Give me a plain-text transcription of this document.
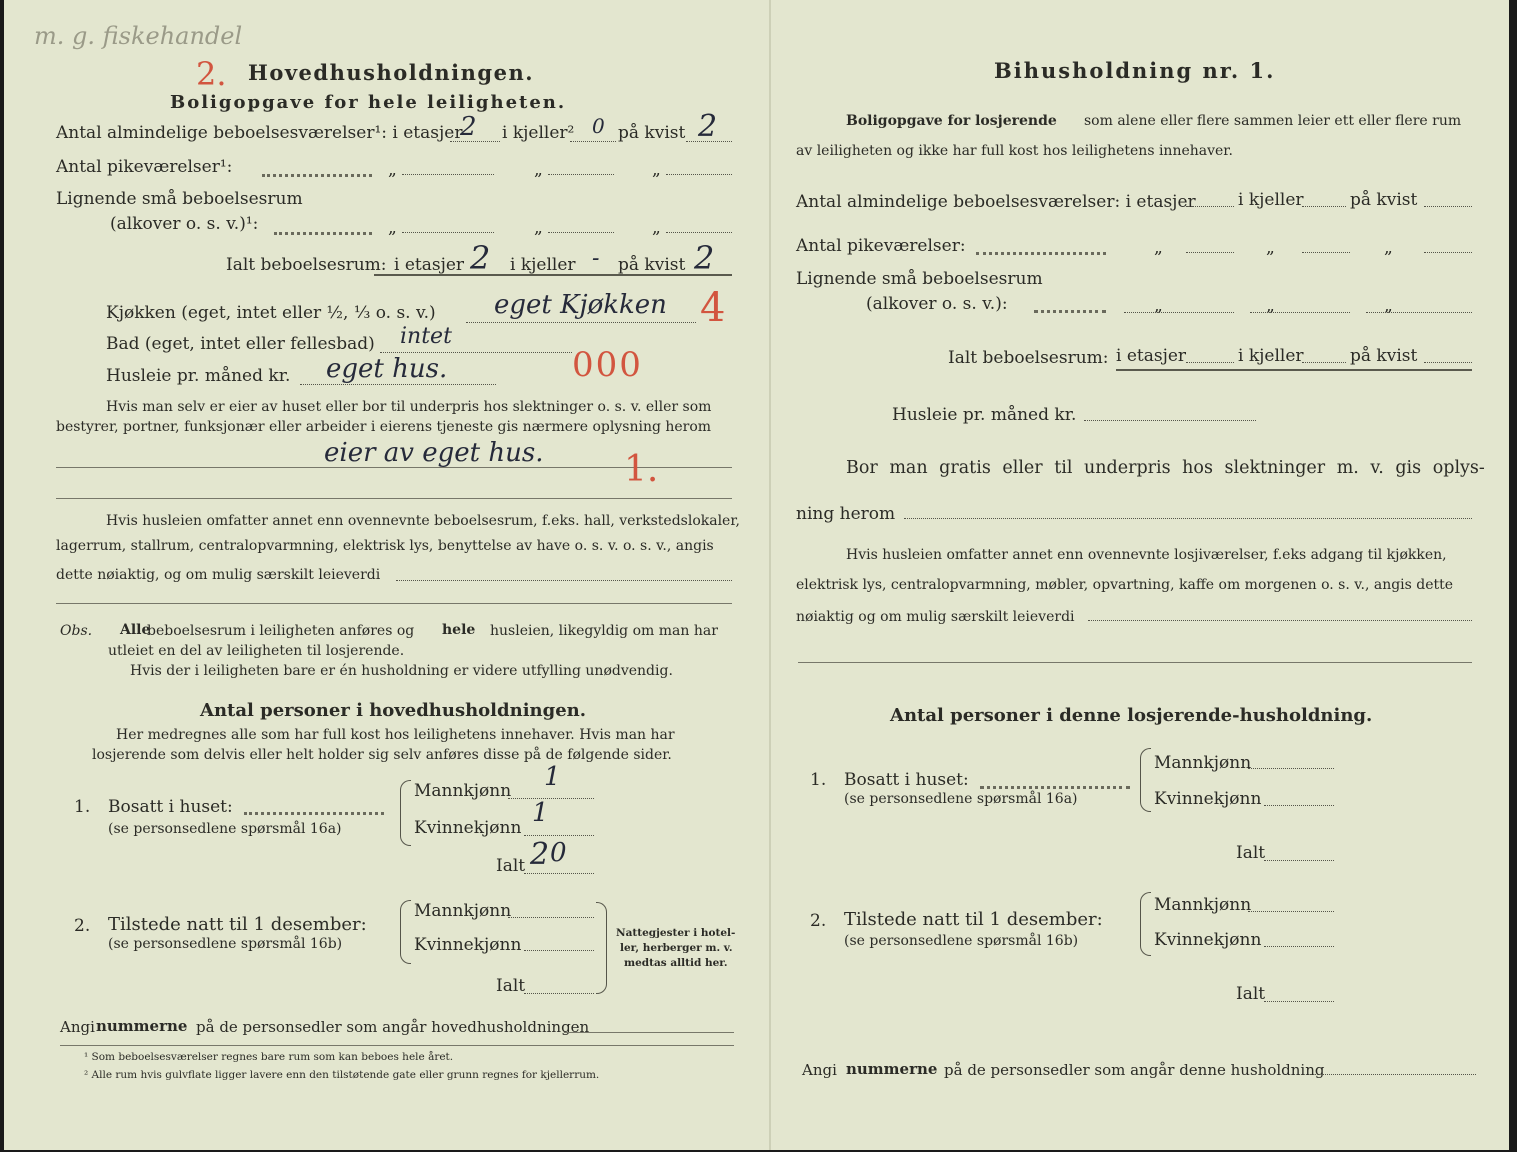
m. g. fiskehandel
2. Hovedhusholdningen.
Boligopgave for hele leiligheten.
Antal almindelige beboelsesværelser¹: i etasjer
2 i kjeller² 0 på kvist 2
Antal pikeværelser¹:	„	„	„
Lignende små beboelsesrum
(alkover o. s. v.)¹:	„	„	„
Ialt beboelsesrum: i etasjer 2 i kjeller - på kvist 2
Kjøkken (eget, intet eller ½, ⅓ o. s. v.) eget Kjøkken 4
Bad (eget, intet eller fellesbad) intet
Husleie pr. måned kr. eget hus.	000
Hvis man selv er eier av huset eller bor til underpris hos slektninger o. s. v. eller som
bestyrer, portner, funksjonær eller arbeider i eierens tjeneste gis nærmere oplysning herom
eier av eget hus. 1.
Hvis husleien omfatter annet enn ovennevnte beboelsesrum, f.eks. hall, verkstedslokaler,
lagerrum, stallrum, centralopvarmning, elektrisk lys, benyttelse av have o. s. v. o. s. v., angis
dette nøiaktig, og om mulig særskilt leieverdi
Obs. Alle
beboelsesrum i leiligheten anføres og hele husleien, likegyldig om man har
utleiet en del av leiligheten til losjerende.
Hvis der i leiligheten bare er én husholdning er videre utfylling unødvendig.
Antal personer i hovedhusholdningen.
Her medregnes alle som har full kost hos leilighetens innehaver. Hvis man har
losjerende som delvis eller helt holder sig selv anføres disse på de følgende sider.
1. Bosatt i huset:
(se personsedlene spørsmål 16a)
Mannkjønn 1
Kvinnekjønn 1
Ialt 2 0
2. Tilstede natt til 1 desember:
(se personsedlene spørsmål 16b)
Mannkjønn
Kvinnekjønn
Ialt
Nattegjester i hotel-
ler, herberger m. v.
medtas alltid her.
Angi nummerne på de personsedler som angår hovedhusholdningen
¹ Som beboelsesværelser regnes bare rum som kan beboes hele året.
² Alle rum hvis gulvflate ligger lavere enn den tilstøtende gate eller grunn regnes for kjellerrum.
Bihusholdning nr. 1.
Boligopgave for losjerende som alene eller flere sammen leier ett eller flere rum
av leiligheten og ikke har full kost hos leilighetens innehaver.
Antal almindelige beboelsesværelser: i etasjer i kjeller	på kvist
Antal pikeværelser:	„	„	„
Lignende små beboelsesrum
(alkover o. s. v.):	„	„	„
Ialt beboelsesrum: i etasjer	i kjeller	på kvist
Husleie pr. måned kr.
Bor man gratis eller til underpris hos slektninger m. v. gis oplys-
ning herom
Hvis husleien omfatter annet enn ovennevnte losjiværelser, f.eks adgang til kjøkken,
elektrisk lys, centralopvarmning, møbler, opvartning, kaffe om morgenen o. s. v., angis dette
nøiaktig og om mulig særskilt leieverdi
Antal personer i denne losjerende-husholdning.
1. Bosatt i huset:
(se personsedlene spørsmål 16a)
Mannkjønn
Kvinnekjønn
Ialt
2. Tilstede natt til 1 desember:
(se personsedlene spørsmål 16b)
Mannkjønn
Kvinnekjønn
Ialt
Angi nummerne på de personsedler som angår denne husholdning
